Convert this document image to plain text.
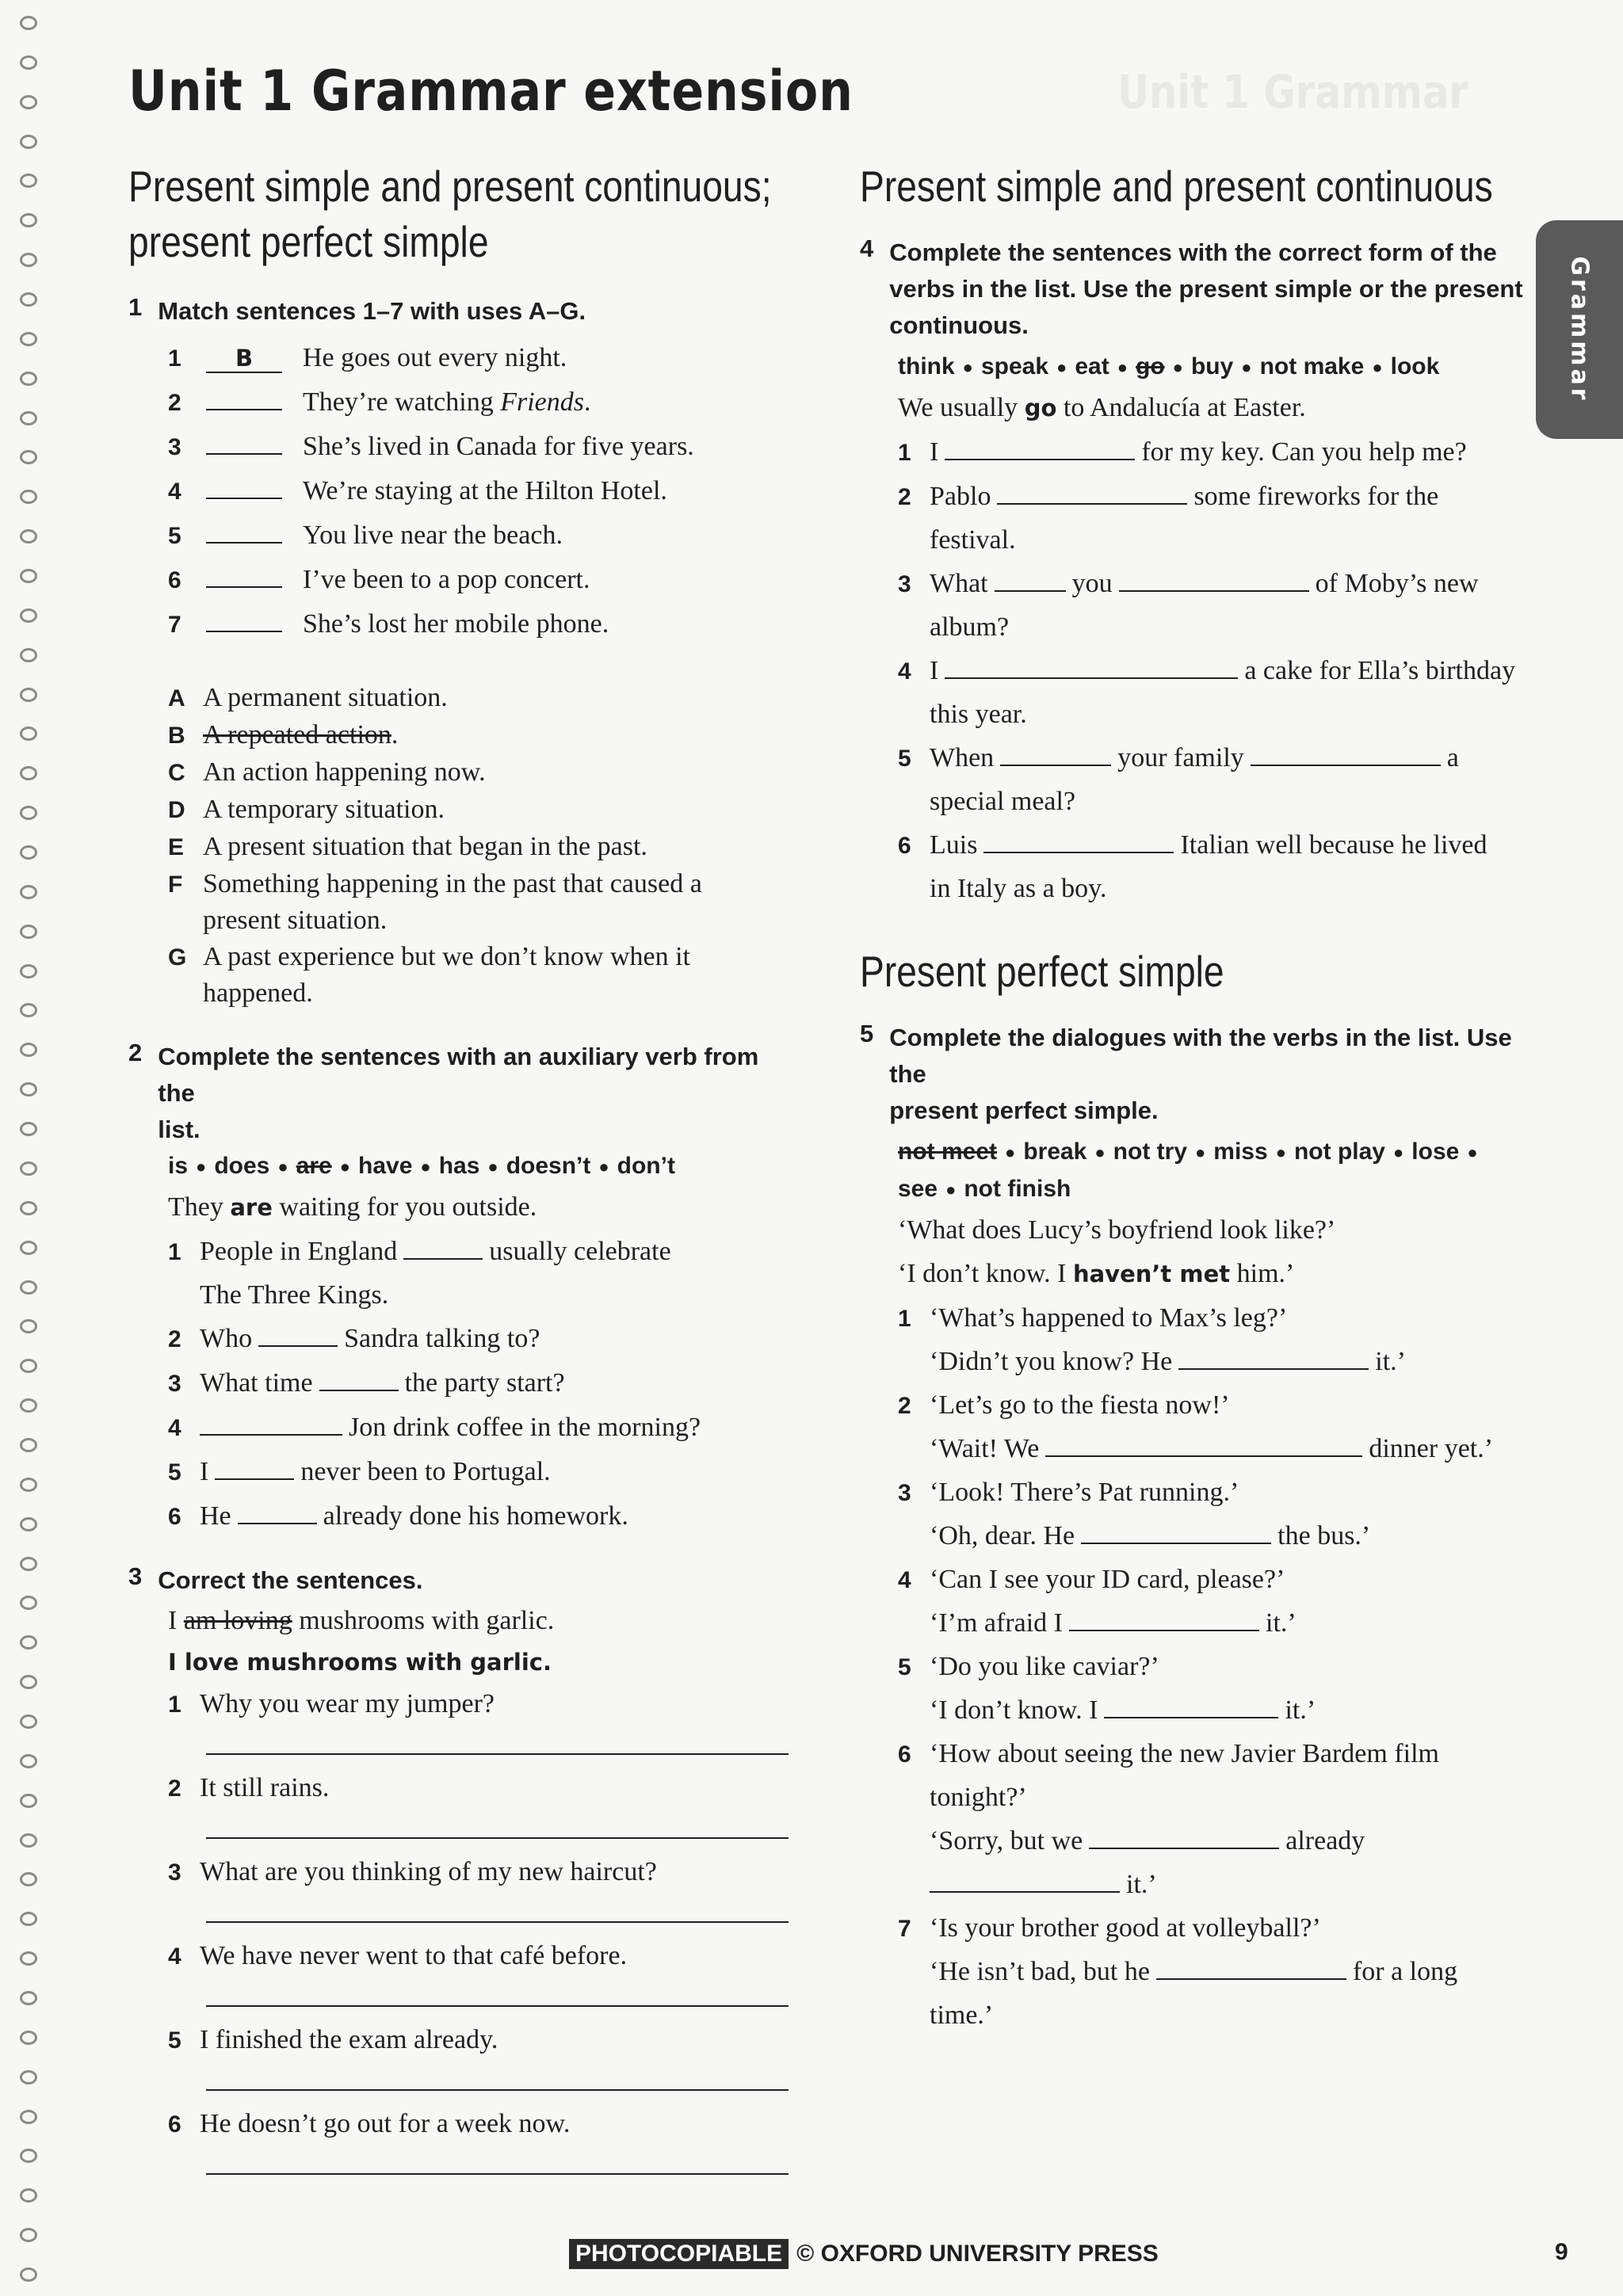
Unit 1 Grammar
Unit 1 Grammar extension
Grammar
Present simple and present continuous;
present perfect simple
1 Match sentences 1–7 with uses A–G.
1	B	He goes out every night.
2	They’re watching Friends.
3	She’s lived in Canada for five years.
4	We’re staying at the Hilton Hotel.
5	You live near the beach.
6	I’ve been to a pop concert.
7	She’s lost her mobile phone.
A A permanent situation.
B A repeated action.
C An action happening now.
D A temporary situation.
E A present situation that began in the past.
F Something happening in the past that caused a
present situation.
G A past experience but we don’t know when it
happened.
2 Complete the sentences with an auxiliary verb from the
list.
is ● does ● are ● have ● has ● doesn’t ● don’t
They are waiting for you outside.
1 People in England	usually celebrate
The Three Kings.
2 Who	Sandra talking to?
3 What time	the party start?
4	Jon drink coffee in the morning?
5 I	never been to Portugal.
6 He	already done his homework.
3 Correct the sentences.
I am loving mushrooms with garlic.
I love mushrooms with garlic.
1 Why you wear my jumper?
2 It still rains.
3 What are you thinking of my new haircut?
4 We have never went to that café before.
5 I finished the exam already.
6 He doesn’t go out for a week now.
Present simple and present continuous
4 Complete the sentences with the correct form of the
verbs in the list. Use the present simple or the present
continuous.
think ● speak ● eat ● go ● buy ● not make ● look
We usually go to Andalucía at Easter.
1 I	for my key. Can you help me?
2 Pablo	some fireworks for the
festival.
3 What	you	of Moby’s new
album?
4 I	a cake for Ella’s birthday
this year.
5 When	your family	a
special meal?
6 Luis	Italian well because he lived
in Italy as a boy.
Present perfect simple
5 Complete the dialogues with the verbs in the list. Use the
present perfect simple.
not meet ● break ● not try ● miss ● not play ● lose ●
see ● not finish
‘What does Lucy’s boyfriend look like?’
‘I don’t know. I haven’t met him.’
1 ‘What’s happened to Max’s leg?’
‘Didn’t you know? He	it.’
2 ‘Let’s go to the fiesta now!’
‘Wait! We	dinner yet.’
3 ‘Look! There’s Pat running.’
‘Oh, dear. He	the bus.’
4 ‘Can I see your ID card, please?’
‘I’m afraid I	it.’
5 ‘Do you like caviar?’
‘I don’t know. I	it.’
6 ‘How about seeing the new Javier Bardem film
tonight?’
‘Sorry, but we	already
it.’
7 ‘Is your brother good at volleyball?’
‘He isn’t bad, but he	for a long
time.’
PHOTOCOPIABLE © OXFORD UNIVERSITY PRESS	9
